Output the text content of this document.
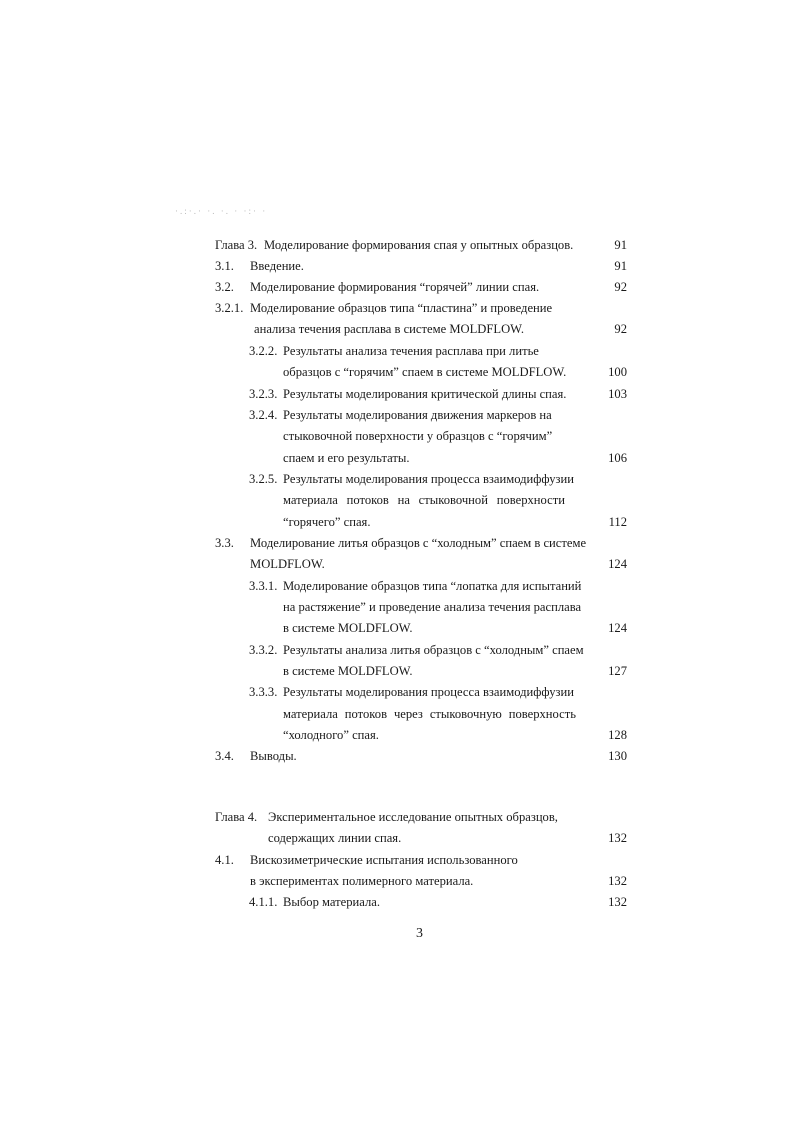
·.:·.· ·. ·. · ·:· ·
Глава 3. Моделирование формирования спая у опытных образцов.	91
3.1. Введение.	91
3.2. Моделирование формирования “горячей” линии спая.	92
3.2.1. Моделирование образцов типа “пластина” и проведение
анализа течения расплава в системе MOLDFLOW.	92
3.2.2. Результаты анализа течения расплава при литье
образцов с “горячим” спаем в системе MOLDFLOW.	100
3.2.3. Результаты моделирования критической длины спая.	103
3.2.4. Результаты моделирования движения маркеров на
стыковочной поверхности у образцов с “горячим”
спаем и его результаты.	106
3.2.5. Результаты моделирования процесса взаимодиффузии
материала потоков на стыковочной поверхности
“горячего” спая.	112
3.3. Моделирование литья образцов с “холодным” спаем в системе
MOLDFLOW.	124
3.3.1. Моделирование образцов типа “лопатка для испытаний
на растяжение” и проведение анализа течения расплава
в системе MOLDFLOW.	124
3.3.2. Результаты анализа литья образцов с “холодным” спаем
в системе MOLDFLOW.	127
3.3.3. Результаты моделирования процесса взаимодиффузии
материала потоков через стыковочную поверхность
“холодного” спая.	128
3.4. Выводы.	130
Глава 4. Экспериментальное исследование опытных образцов,
содержащих линии спая.	132
4.1. Вискозиметрические испытания использованного
в экспериментах полимерного материала.	132
4.1.1. Выбор материала.	132
3
